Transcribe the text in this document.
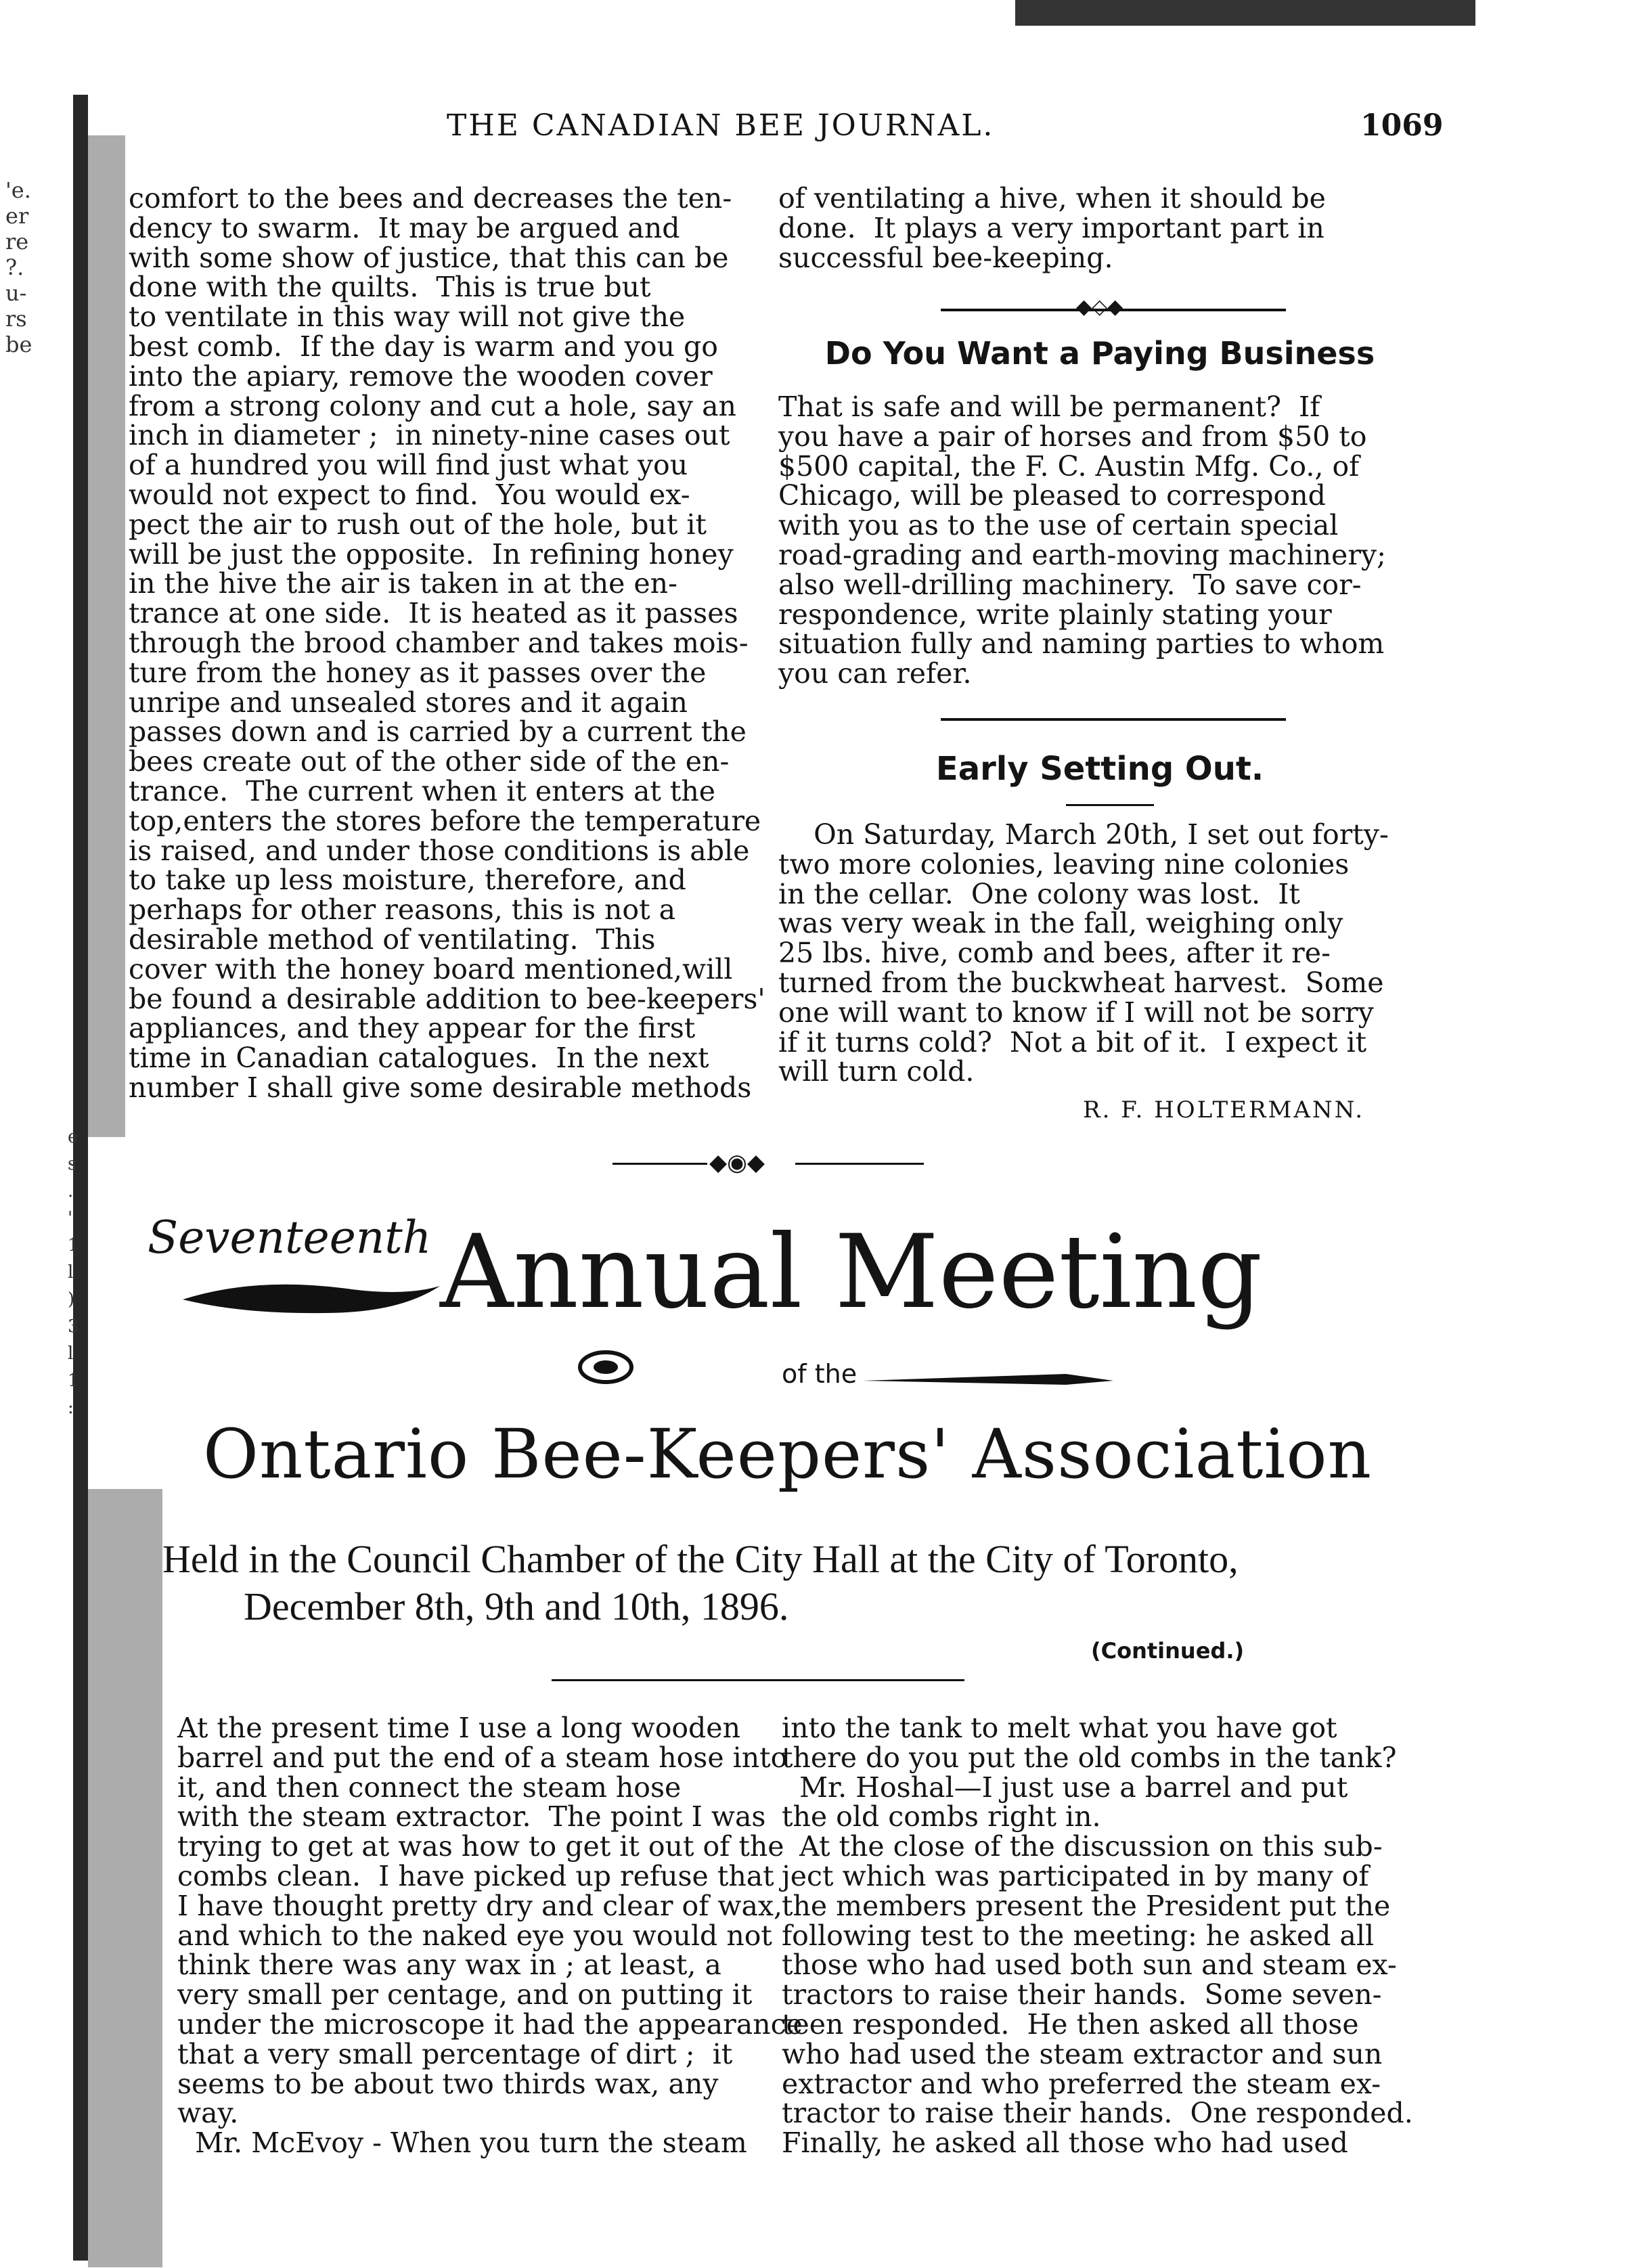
THE CANADIAN BEE JOURNAL.	1069
'e.
er
re
?.
u-
rs
be
e
s
.
'
1
l
)
3
l
1
:
comfort to the bees and decreases the ten-
dency to swarm.  It may be argued and
with some show of justice, that this can be
done with the quilts.  This is true but
to ventilate in this way will not give the
best comb.  If the day is warm and you go
into the apiary, remove the wooden cover
from a strong colony and cut a hole, say an
inch in diameter ;  in ninety-nine cases out
of a hundred you will find just what you
would not expect to find.  You would ex-
pect the air to rush out of the hole, but it
will be just the opposite.  In refining honey
in the hive the air is taken in at the en-
trance at one side.  It is heated as it passes
through the brood chamber and takes mois-
ture from the honey as it passes over the
unripe and unsealed stores and it again
passes down and is carried by a current the
bees create out of the other side of the en-
trance.  The current when it enters at the
top,enters the stores before the temperature
is raised, and under those conditions is able
to take up less moisture, therefore, and
perhaps for other reasons, this is not a
desirable method of ventilating.  This
cover with the honey board mentioned,will
be found a desirable addition to bee-keepers'
appliances, and they appear for the first
time in Canadian catalogues.  In the next
number I shall give some desirable methods
of ventilating a hive, when it should be
done.  It plays a very important part in
successful bee-keeping.
◆◇◆
Do You Want a Paying Business
That is safe and will be permanent?  If
you have a pair of horses and from $50 to
$500 capital, the F. C. Austin Mfg. Co., of
Chicago, will be pleased to correspond
with you as to the use of certain special
road-grading and earth-moving machinery;
also well-drilling machinery.  To save cor-
respondence, write plainly stating your
situation fully and naming parties to whom
you can refer.
Early Setting Out.
On Saturday, March 20th, I set out forty-
two more colonies, leaving nine colonies
in the cellar.  One colony was lost.  It
was very weak in the fall, weighing only
25 lbs. hive, comb and bees, after it re-
turned from the buckwheat harvest.  Some
one will want to know if I will not be sorry
if it turns cold?  Not a bit of it.  I expect it
will turn cold.
R. F. HOLTERMANN.
◆◉◆
Seventeenth Annual Meeting
of the
Ontario Bee-Keepers' Association
Held in the Council Chamber of the City Hall at the City of Toronto,
December 8th, 9th and 10th, 1896.
(Continued.)
At the present time I use a long wooden
barrel and put the end of a steam hose into
it, and then connect the steam hose
with the steam extractor.  The point I was
trying to get at was how to get it out of the
combs clean.  I have picked up refuse that
I have thought pretty dry and clear of wax,
and which to the naked eye you would not
think there was any wax in ; at least, a
very small per centage, and on putting it
under the microscope it had the appearance
that a very small percentage of dirt ;  it
seems to be about two thirds wax, any
way.
Mr. McEvoy - When you turn the steam
into the tank to melt what you have got
there do you put the old combs in the tank?
Mr. Hoshal—I just use a barrel and put
the old combs right in.
At the close of the discussion on this sub-
ject which was participated in by many of
the members present the President put the
following test to the meeting: he asked all
those who had used both sun and steam ex-
tractors to raise their hands.  Some seven-
teen responded.  He then asked all those
who had used the steam extractor and sun
extractor and who preferred the steam ex-
tractor to raise their hands.  One responded.
Finally, he asked all those who had used
